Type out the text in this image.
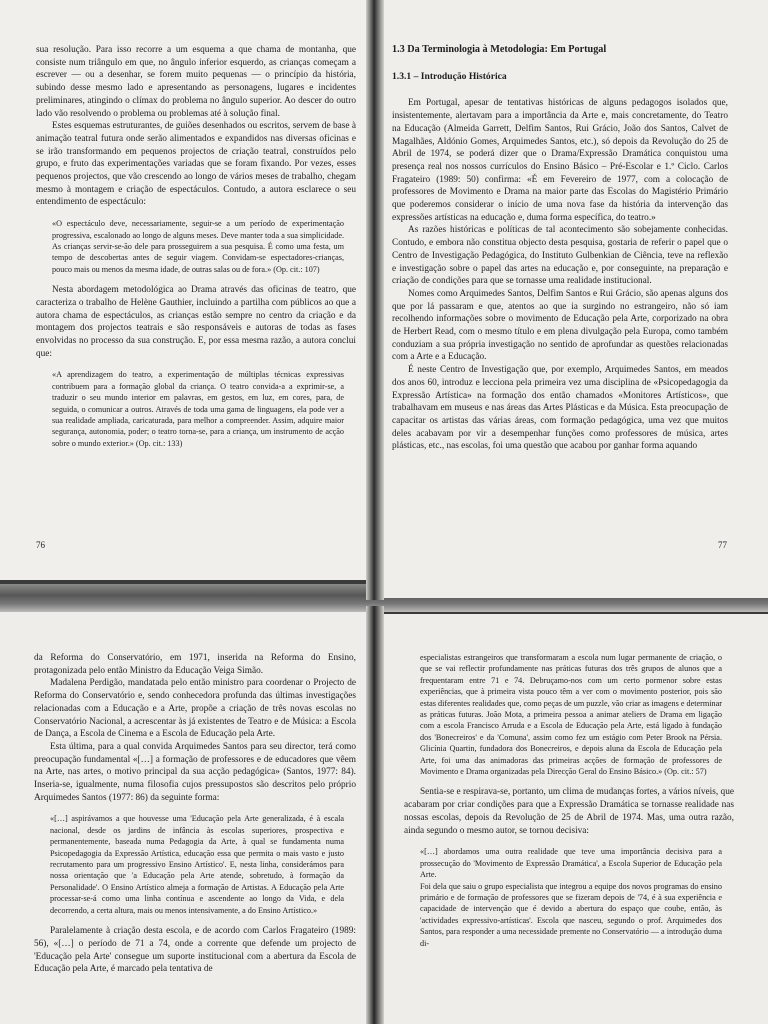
sua resolução. Para isso recorre a um esquema a que chama de montanha, que consiste num triângulo em que, no ângulo inferior esquerdo, as crianças começam a escrever — ou a desenhar, se forem muito pequenas — o princípio da história, subindo desse mesmo lado e apresentando as personagens, lugares e incidentes preliminares, atingindo o clímax do problema no ângulo superior. Ao descer do outro lado vão resolvendo o problema ou problemas até à solução final.

Estes esquemas estruturantes, de guiões desenhados ou escritos, servem de base à animação teatral futura onde serão alimentados e expandidos nas diversas oficinas e se irão transformando em pequenos projectos de criação teatral, construídos pelo grupo, e fruto das experimentações variadas que se foram fixando. Por vezes, esses pequenos projectos, que vão crescendo ao longo de vários meses de trabalho, chegam mesmo à montagem e criação de espectáculos. Contudo, a autora esclarece o seu entendimento de espectáculo:

«O espectáculo deve, necessariamente, seguir-se a um período de experimentação progressiva, escalonado ao longo de alguns meses. Deve manter toda a sua simplicidade. As crianças servir-se-ão dele para prosseguirem a sua pesquisa. É como uma festa, um tempo de descobertas antes de seguir viagem. Convidam-se espectadores-crianças, pouco mais ou menos da mesma idade, de outras salas ou de fora.» (Op. cit.: 107)

Nesta abordagem metodológica ao Drama através das oficinas de teatro, que caracteriza o trabalho de Helène Gauthier, incluindo a partilha com públicos ao que a autora chama de espectáculos, as crianças estão sempre no centro da criação e da montagem dos projectos teatrais e são responsáveis e autoras de todas as fases envolvidas no processo da sua construção. E, por essa mesma razão, a autora conclui que:

«A aprendizagem do teatro, a experimentação de múltiplas técnicas expressivas contribuem para a formação global da criança. O teatro convida-a a exprimir-se, a traduzir o seu mundo interior em palavras, em gestos, em luz, em cores, para, de seguida, o comunicar a outros. Através de toda uma gama de linguagens, ela pode ver a sua realidade ampliada, caricaturada, para melhor a compreender. Assim, adquire maior segurança, autonomia, poder; o teatro torna-se, para a criança, um instrumento de acção sobre o mundo exterior.» (Op. cit.: 133)
76
1.3 Da Terminologia à Metodologia: Em Portugal
1.3.1 – Introdução Histórica

Em Portugal, apesar de tentativas históricas de alguns pedagogos isolados que, insistentemente, alertavam para a importância da Arte e, mais concretamente, do Teatro na Educação (Almeida Garrett, Delfim Santos, Rui Grácio, João dos Santos, Calvet de Magalhães, Aldónio Gomes, Arquimedes Santos, etc.), só depois da Revolução do 25 de Abril de 1974, se poderá dizer que o Drama/Expressão Dramática conquistou uma presença real nos nossos currículos do Ensino Básico – Pré-Escolar e 1.º Ciclo. Carlos Fragateiro (1989: 50) confirma: «É em Fevereiro de 1977, com a colocação de professores de Movimento e Drama na maior parte das Escolas do Magistério Primário que poderemos considerar o início de uma nova fase da história da intervenção das expressões artísticas na educação e, duma forma específica, do teatro.»

As razões históricas e políticas de tal acontecimento são sobejamente conhecidas. Contudo, e embora não constitua objecto desta pesquisa, gostaria de referir o papel que o Centro de Investigação Pedagógica, do Instituto Gulbenkian de Ciência, teve na reflexão e investigação sobre o papel das artes na educação e, por conseguinte, na preparação e criação de condições para que se tornasse uma realidade institucional.

Nomes como Arquimedes Santos, Delfim Santos e Rui Grácio, são apenas alguns dos que por lá passaram e que, atentos ao que ia surgindo no estrangeiro, não só iam recolhendo informações sobre o movimento de Educação pela Arte, corporizado na obra de Herbert Read, com o mesmo título e em plena divulgação pela Europa, como também conduziam a sua própria investigação no sentido de aprofundar as questões relacionadas com a Arte e a Educação.

É neste Centro de Investigação que, por exemplo, Arquimedes Santos, em meados dos anos 60, introduz e lecciona pela primeira vez uma disciplina de «Psicopedagogia da Expressão Artística» na formação dos então chamados «Monitores Artísticos», que trabalhavam em museus e nas áreas das Artes Plásticas e da Música. Esta preocupação de capacitar os artistas das várias áreas, com formação pedagógica, uma vez que muitos deles acabavam por vir a desempenhar funções como professores de música, artes plásticas, etc., nas escolas, foi uma questão que acabou por ganhar forma aquando

77

da Reforma do Conservatório, em 1971, inserida na Reforma do Ensino, protagonizada pelo então Ministro da Educação Veiga Simão.

Madalena Perdigão, mandatada pelo então ministro para coordenar o Projecto de Reforma do Conservatório e, sendo conhecedora profunda das últimas investigações relacionadas com a Educação e a Arte, propõe a criação de três novas escolas no Conservatório Nacional, a acrescentar às já existentes de Teatro e de Música: a Escola de Dança, a Escola de Cinema e a Escola de Educação pela Arte.

Esta última, para a qual convida Arquimedes Santos para seu director, terá como preocupação fundamental «[…] a formação de professores e de educadores que vêem na Arte, nas artes, o motivo principal da sua acção pedagógica» (Santos, 1977: 84). Inseria-se, igualmente, numa filosofia cujos pressupostos são descritos pelo próprio Arquimedes Santos (1977: 86) da seguinte forma:

«[…] aspirávamos a que houvesse uma 'Educação pela Arte generalizada, é à escala nacional, desde os jardins de infância às escolas superiores, prospectiva e permanentemente, baseada numa Pedagogia da Arte, à qual se fundamenta numa Psicopedagogia da Expressão Artística, educação essa que permita o mais vasto e justo recrutamento para um progressivo Ensino Artístico'. E, nesta linha, considerámos para nossa orientação que 'a Educação pela Arte atende, sobretudo, à formação da Personalidade'. O Ensino Artístico almeja a formação de Artistas. A Educação pela Arte processar-se-á como uma linha contínua e ascendente ao longo da Vida, e dela decorrendo, a certa altura, mais ou menos intensivamente, a do Ensino Artístico.»

Paralelamente à criação desta escola, e de acordo com Carlos Fragateiro (1989: 56), «[…] o período de 71 a 74, onde a corrente que defende um projecto de 'Educação pela Arte' consegue um suporte institucional com a abertura da Escola de Educação pela Arte, é marcado pela tentativa de

especialistas estrangeiros que transformaram a escola num lugar permanente de criação, o que se vai reflectir profundamente nas práticas futuras dos três grupos de alunos que a frequentaram entre 71 e 74. Debruçamo-nos com um certo pormenor sobre estas experiências, que à primeira vista pouco têm a ver com o movimento posterior, pois são estas diferentes realidades que, como peças de um puzzle, vão criar as imagens e determinar as práticas futuras. João Mota, a primeira pessoa a animar ateliers de Drama em ligação com a escola Francisco Arruda e a Escola de Educação pela Arte, está ligado à fundação dos 'Bonecreiros' e da 'Comuna', assim como fez um estágio com Peter Brook na Pérsia. Glicínia Quartin, fundadora dos Bonecreiros, e depois aluna da Escola de Educação pela Arte, foi uma das animadoras das primeiras acções de formação de professores de Movimento e Drama organizadas pela Direcção Geral do Ensino Básico.» (Op. cit.: 57)

Sentia-se e respirava-se, portanto, um clima de mudanças fortes, a vários níveis, que acabaram por criar condições para que a Expressão Dramática se tornasse realidade nas nossas escolas, depois da Revolução de 25 de Abril de 1974. Mas, uma outra razão, ainda segundo o mesmo autor, se tornou decisiva:

«[…] abordamos uma outra realidade que teve uma importância decisiva para a prossecução do 'Movimento de Expressão Dramática', a Escola Superior de Educação pela Arte.
Foi dela que saiu o grupo especialista que integrou a equipe dos novos programas do ensino primário e de formação de professores que se fizeram depois de '74, é à sua experiência e capacidade de intervenção que é devido a abertura do espaço que coube, então, às 'actividades expressivo-artísticas'. Escola que nasceu, segundo o prof. Arquimedes dos Santos, para responder a uma necessidade premente no Conservatório — a introdução duma di-
